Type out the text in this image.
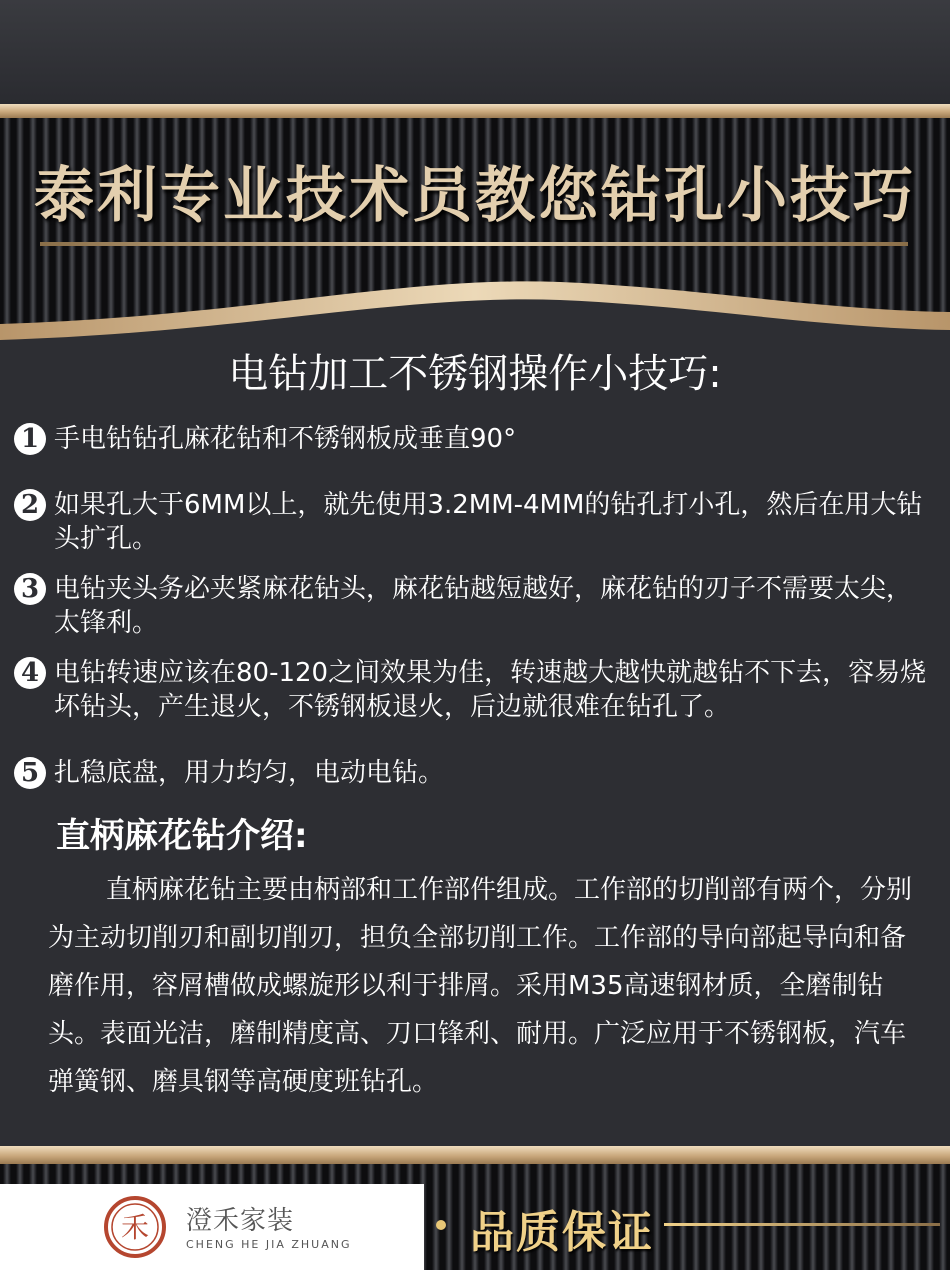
泰利专业技术员教您钻孔小技巧
电钻加工不锈钢操作小技巧:
1 手电钻钻孔麻花钻和不锈钢板成垂直90°
2 如果孔大于6MM以上，就先使用3.2MM-4MM的钻孔打小孔，然后在用大钻头扩孔。
3 电钻夹头务必夹紧麻花钻头，麻花钻越短越好，麻花钻的刃子不需要太尖，太锋利。
4 电钻转速应该在80-120之间效果为佳，转速越大越快就越钻不下去，容易烧坏钻头，产生退火，不锈钢板退火，后边就很难在钻孔了。
5 扎稳底盘，用力均匀，电动电钻。
直柄麻花钻介绍:
直柄麻花钻主要由柄部和工作部件组成。工作部的切削部有两个，分别为主动切削刃和副切削刃，担负全部切削工作。工作部的导向部起导向和备磨作用，容屑槽做成螺旋形以利于排屑。采用M35高速钢材质，全磨制钻头。表面光洁，磨制精度高、刀口锋利、耐用。广泛应用于不锈钢板，汽车弹簧钢、磨具钢等高硬度班钻孔。
禾 澄禾家装
CHENG HE JIA ZHUANG	品质保证
